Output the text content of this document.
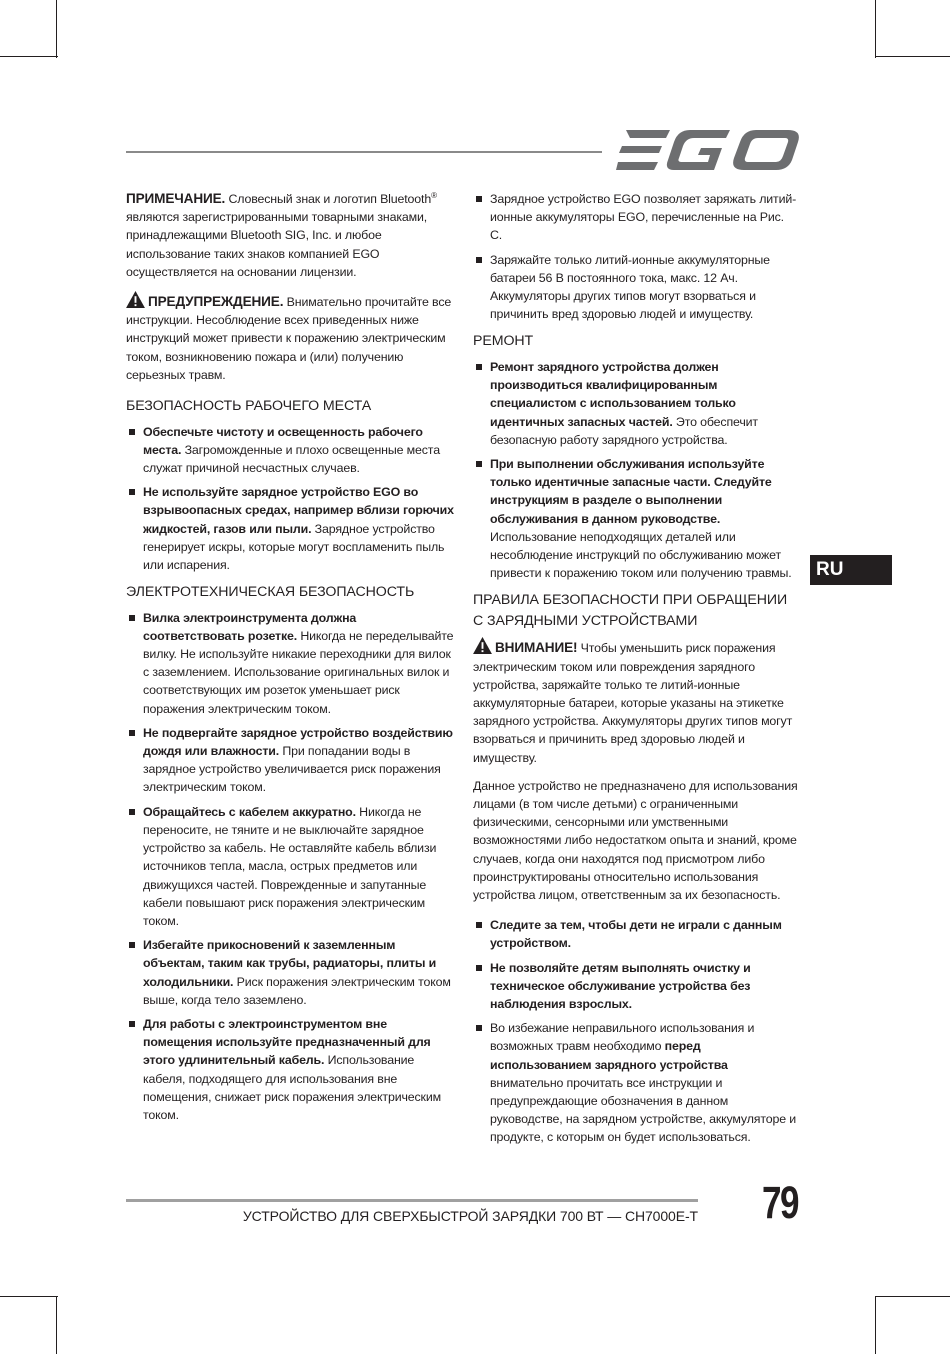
ПРИМЕЧАНИЕ. Словесный знак и логотип Bluetooth® являются зарегистрированными товарными знаками, принадлежащими Bluetooth SIG, Inc. и любое использование таких знаков компанией EGO осуществляется на основании лицензии.

ПРЕДУПРЕЖДЕНИЕ. Внимательно прочитайте все инструкции. Несоблюдение всех приведенных ниже инструкций может привести к поражению электрическим током, возникновению пожара и (или) получению серьезных травм.

БЕЗОПАСНОСТЬ РАБОЧЕГО МЕСТА
Обеспечьте чистоту и освещенность рабочего места. Загроможденные и плохо освещенные места служат причиной несчастных случаев.
Не используйте зарядное устройство EGO во взрывоопасных средах, например вблизи горючих жидкостей, газов или пыли. Зарядное устройство генерирует искры, которые могут воспламенить пыль или испарения.
ЭЛЕКТРОТЕХНИЧЕСКАЯ БЕЗОПАСНОСТЬ
Вилка электроинструмента должна соответствовать розетке. Никогда не переделывайте вилку. Не используйте никакие переходники для вилок с заземлением. Использование оригинальных вилок и соответствующих им розеток уменьшает риск поражения электрическим током.
Не подвергайте зарядное устройство воздействию дождя или влажности. При попадании воды в зарядное устройство увеличивается риск поражения электрическим током.
Обращайтесь с кабелем аккуратно. Никогда не переносите, не тяните и не выключайте зарядное устройство за кабель. Не оставляйте кабель вблизи источников тепла, масла, острых предметов или движущихся частей. Поврежденные и запутанные кабели повышают риск поражения электрическим током.
Избегайте прикосновений к заземленным объектам, таким как трубы, радиаторы, плиты и холодильники. Риск поражения электрическим током выше, когда тело заземлено.
Для работы с электроинструментом вне помещения используйте предназначенный для этого удлинительный кабель. Использование кабеля, подходящего для использования вне помещения, снижает риск поражения электрическим током.
Зарядное устройство EGO позволяет заряжать литий-ионные аккумуляторы EGO, перечисленные на Рис. C.
Заряжайте только литий-ионные аккумуляторные батареи 56 В постоянного тока, макс. 12 Ач. Аккумуляторы других типов могут взорваться и причинить вред здоровью людей и имуществу.
РЕМОНТ
Ремонт зарядного устройства должен производиться квалифицированным специалистом с использованием только идентичных запасных частей. Это обеспечит безопасную работу зарядного устройства.
При выполнении обслуживания используйте только идентичные запасные части. Следуйте инструкциям в разделе о выполнении обслуживания в данном руководстве. Использование неподходящих деталей или несоблюдение инструкций по обслуживанию может привести к поражению током или получению травмы.
ПРАВИЛА БЕЗОПАСНОСТИ ПРИ ОБРАЩЕНИИ С ЗАРЯДНЫМИ УСТРОЙСТВАМИ

ВНИМАНИЕ! Чтобы уменьшить риск поражения электрическим током или повреждения зарядного устройства, заряжайте только те литий-ионные аккумуляторные батареи, которые указаны на этикетке зарядного устройства. Аккумуляторы других типов могут взорваться и причинить вред здоровью людей и имуществу.

Данное устройство не предназначено для использования лицами (в том числе детьми) с ограниченными физическими, сенсорными или умственными возможностями либо недостатком опыта и знаний, кроме случаев, когда они находятся под присмотром либо проинструктированы относительно использования устройства лицом, ответственным за их безопасность.

Следите за тем, чтобы дети не играли с данным устройством.
Не позволяйте детям выполнять очистку и техническое обслуживание устройства без наблюдения взрослых.
Во избежание неправильного использования и возможных травм необходимо перед использованием зарядного устройства внимательно прочитать все инструкции и предупреждающие обозначения в данном руководстве, на зарядном устройстве, аккумуляторе и продукте, с которым он будет использоваться.
RU
УСТРОЙСТВО ДЛЯ СВЕРХБЫСТРОЙ ЗАРЯДКИ 700 ВТ — CH7000E-T 79
